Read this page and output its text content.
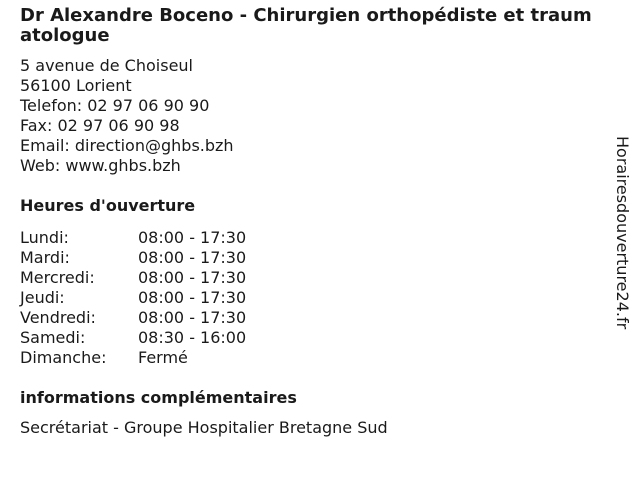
Dr Alexandre Boceno - Chirurgien orthopédiste et traumatologue
5 avenue de Choiseul
56100 Lorient
Telefon: 02 97 06 90 90
Fax: 02 97 06 90 98
Email: direction@ghbs.bzh
Web: www.ghbs.bzh
Heures d'ouverture
Lundi:	08:00 - 17:30
Mardi:	08:00 - 17:30
Mercredi:	08:00 - 17:30
Jeudi:	08:00 - 17:30
Vendredi:	08:00 - 17:30
Samedi:	08:30 - 16:00
Dimanche:	Fermé
informations complémentaires
Secrétariat - Groupe Hospitalier Bretagne Sud
Horairesdouverture24.fr
